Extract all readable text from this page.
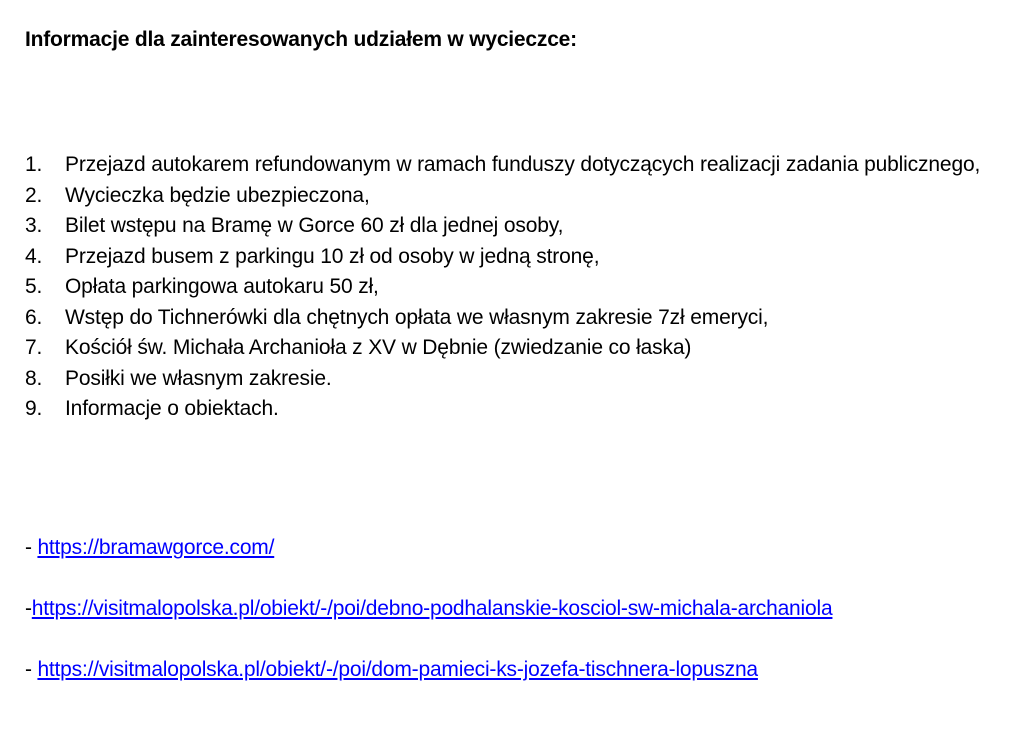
Informacje dla zainteresowanych udziałem w wycieczce:
1. Przejazd autokarem refundowanym w ramach funduszy dotyczących realizacji zadania publicznego,
2. Wycieczka będzie ubezpieczona,
3. Bilet wstępu na Bramę w Gorce 60 zł dla jednej osoby,
4. Przejazd busem z parkingu 10 zł od osoby w jedną stronę,
5. Opłata parkingowa autokaru 50 zł,
6. Wstęp do Tichnerówki dla chętnych opłata we własnym zakresie 7zł emeryci,
7. Kościół św. Michała Archanioła z XV w Dębnie (zwiedzanie co łaska)
8. Posiłki we własnym zakresie.
9. Informacje o obiektach.
- https://bramawgorce.com/
-https://visitmalopolska.pl/obiekt/-/poi/debno-podhalanskie-kosciol-sw-michala-archaniola
- https://visitmalopolska.pl/obiekt/-/poi/dom-pamieci-ks-jozefa-tischnera-lopuszna
